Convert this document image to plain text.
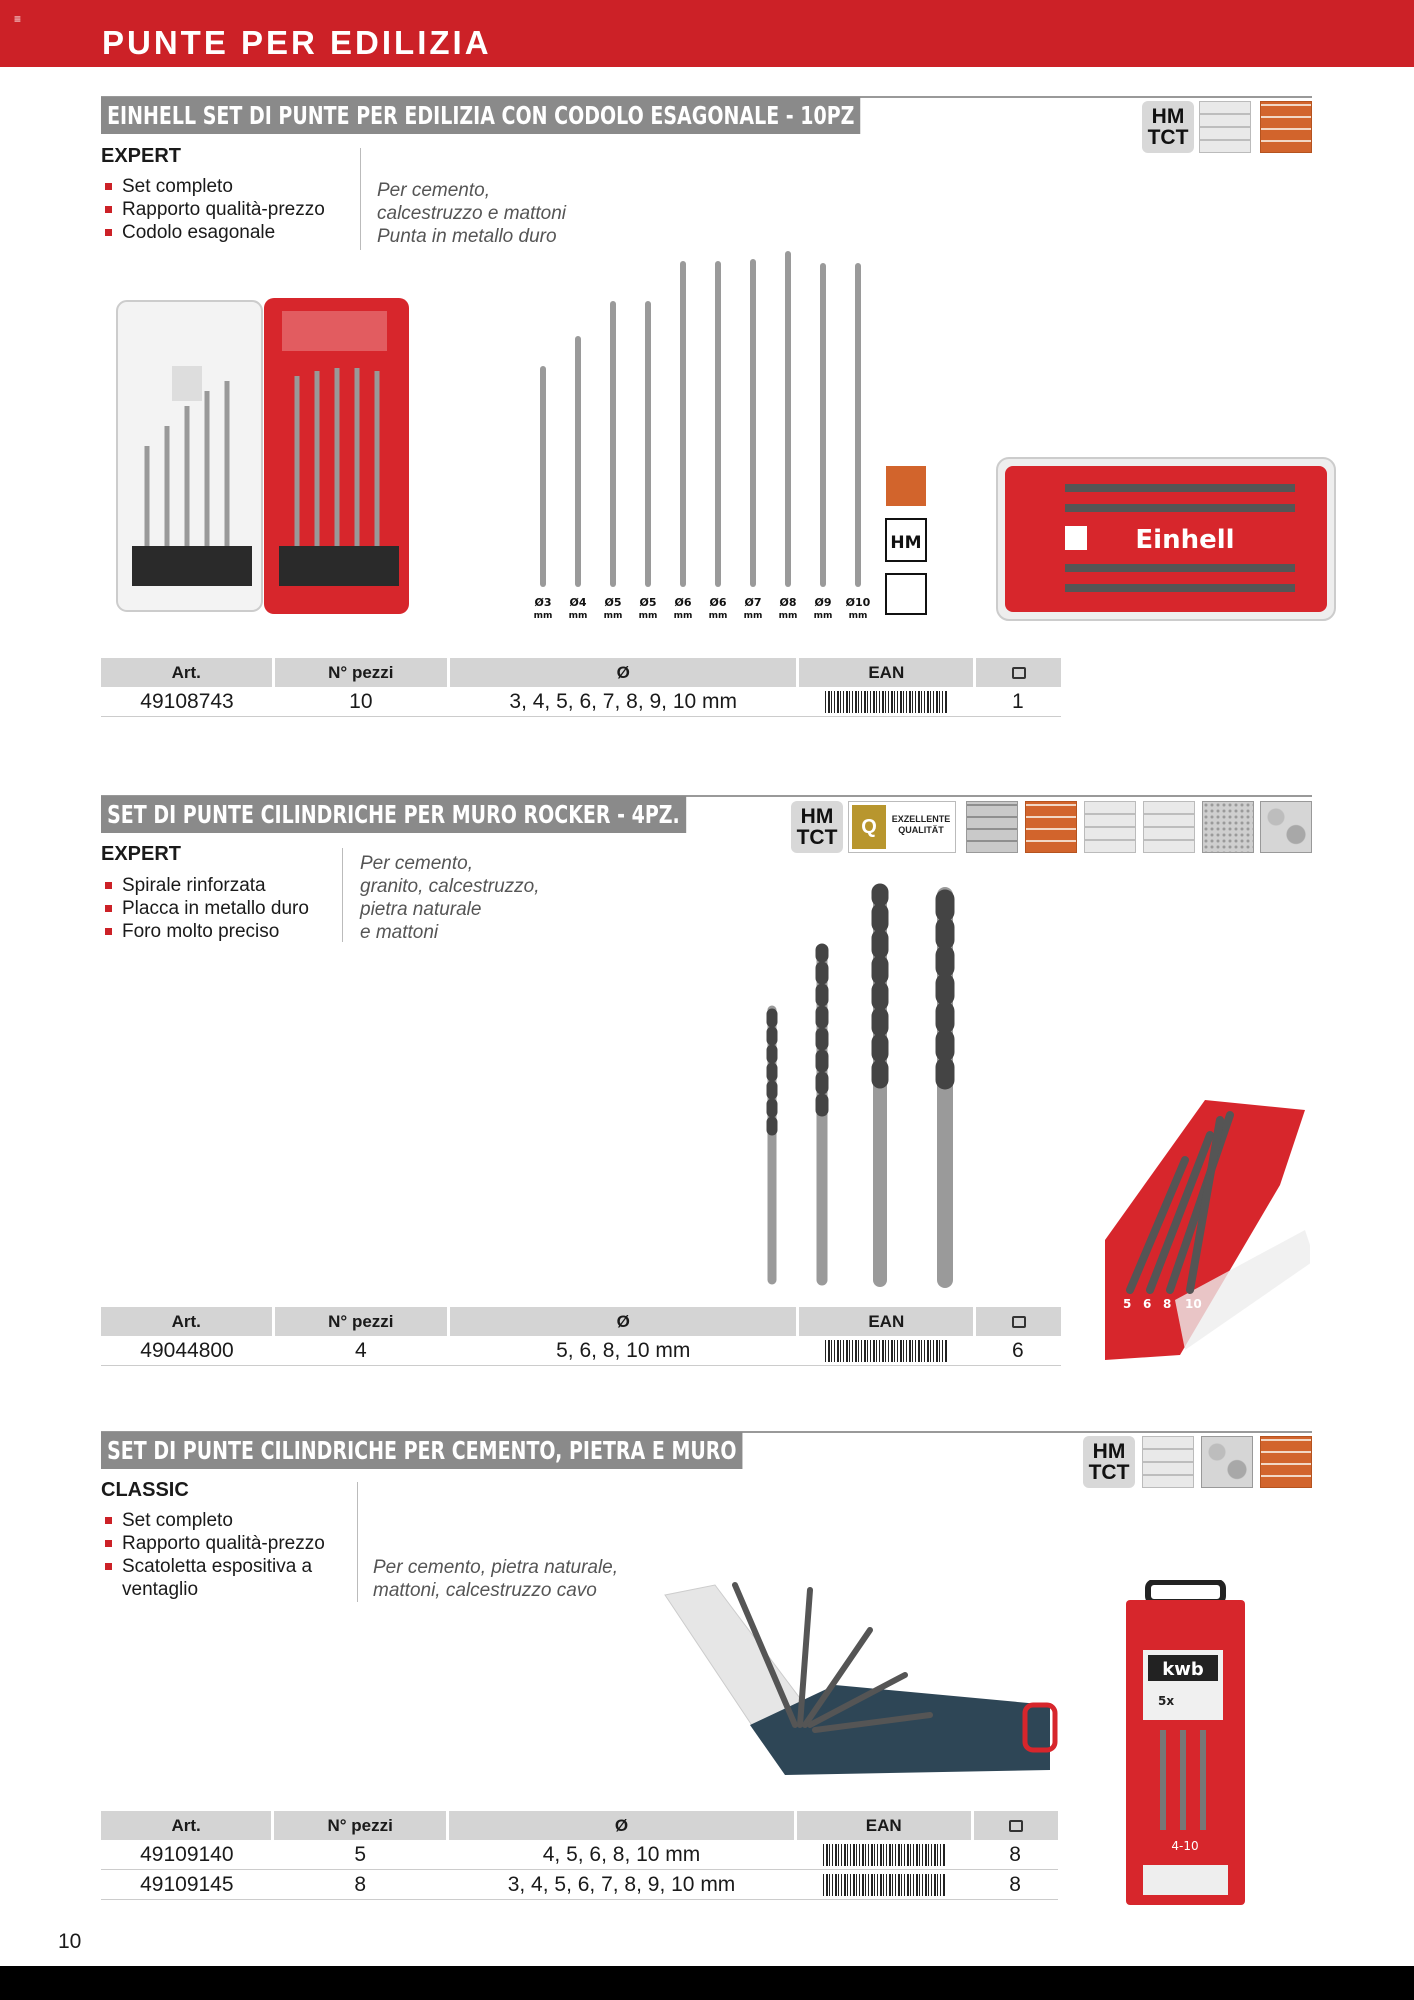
≡
PUNTE PER EDILIZIA
EINHELL SET DI PUNTE PER EDILIZIA CON CODOLO ESAGONALE - 10PZ	HM
TCT
EXPERT
Set completo
Rapporto qualità-prezzo
Codolo esagonale
Per cemento,
calcestruzzo e mattoni
Punta in metallo duro
Ø3 Ø4 Ø5 Ø5 Ø6 Ø6 Ø7 Ø8 Ø9 Ø10
mm mm mm mm mm mm mm mm mm mm
HM	Einhell
Art.	N° pezzi	Ø	EAN	
49108743	10	3, 4, 5, 6, 7, 8, 9, 10 mm		1
SET DI PUNTE CILINDRICHE PER MURO ROCKER - 4PZ.	HM
TCT	Q	EXZELLENTE QUALITÄT
EXPERT
Spirale rinforzata
Placca in metallo duro
Foro molto preciso
Per cemento,
granito, calcestruzzo,
pietra naturale
e mattoni
5 6 8 10
Art.	N° pezzi	Ø	EAN	
49044800	4	5, 6, 8, 10 mm		6
SET DI PUNTE CILINDRICHE PER CEMENTO, PIETRA E MURO	HM
TCT
CLASSIC
Set completo
Rapporto qualità-prezzo
Scatoletta espositiva a ventaglio
Per cemento, pietra naturale,
mattoni, calcestruzzo cavo
kwb
5x
4-10
Art.	N° pezzi	Ø	EAN	
49109140	5	4, 5, 6, 8, 10 mm		8
49109145	8	3, 4, 5, 6, 7, 8, 9, 10 mm		8
10
